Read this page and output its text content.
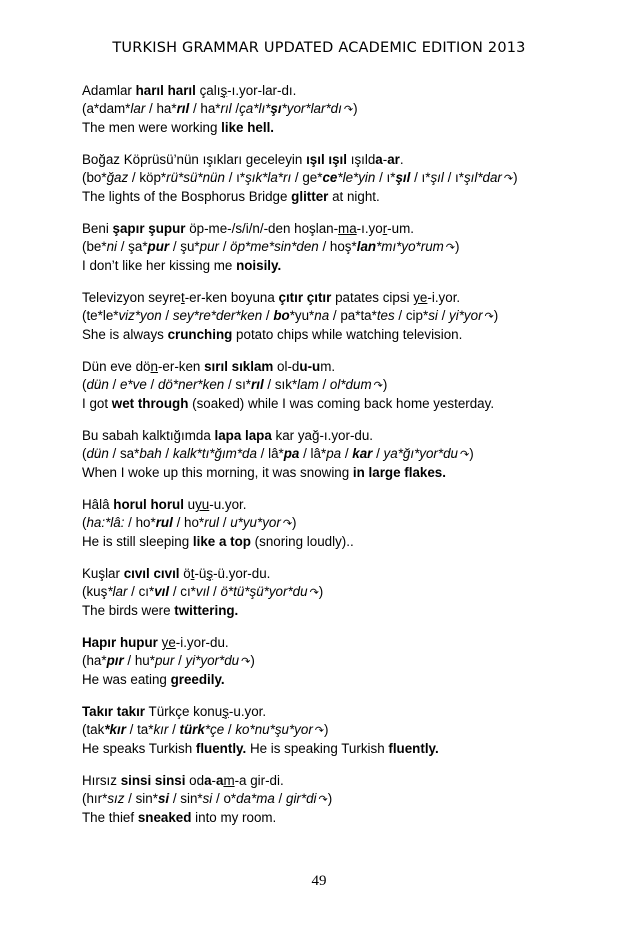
TURKISH GRAMMAR UPDATED ACADEMIC EDITION 2013
Adamlar harıl harıl çalış-ı.yor-lar-dı.
(a*dam*lar / ha*rıl / ha*rıl /ça*lı*şı*yor*lar*dı↷)
The men were working like hell.
Boğaz Köprüsü’nün ışıkları geceleyin ışıl ışıl ışılda-ar.
(bo*ğaz / köp*rü*sü*nün / ı*şık*la*rı / ge*ce*le*yin / ı*şıl / ı*şıl / ı*şıl*dar↷)
The lights of the Bosphorus Bridge glitter at night.
Beni şapır şupur öp-me-/s/i/n/-den hoşlan-ma-ı.yor-um.
(be*ni / şa*pur / şu*pur / öp*me*sin*den / hoş*lan*mı*yo*rum↷)
I don’t like her kissing me noisily.
Televizyon seyret-er-ken boyuna çıtır çıtır patates cipsi ye-i.yor.
(te*le*viz*yon / sey*re*der*ken / bo*yu*na / pa*ta*tes / cip*si / yi*yor↷)
She is always crunching potato chips while watching television.
Dün eve dön-er-ken sırıl sıklam ol-du-um.
(dün / e*ve / dö*ner*ken / sı*rıl / sık*lam / ol*dum↷)
I got wet through (soaked) while I was coming back home yesterday.
Bu sabah kalktığımda lapa lapa kar yağ-ı.yor-du.
(dün / sa*bah / kalk*tı*ğım*da / lâ*pa / lâ*pa / kar / ya*ğı*yor*du↷)
When I woke up this morning, it was snowing in large flakes.
Hâlâ horul horul uyu-u.yor.
(ha:*lâ: / ho*rul / ho*rul / u*yu*yor↷)
He is still sleeping like a top (snoring loudly)..
Kuşlar cıvıl cıvıl öt-üş-ü.yor-du.
(kuş*lar / cı*vıl / cı*vıl / ö*tü*şü*yor*du↷)
The birds were twittering.
Hapır hupur ye-i.yor-du.
(ha*pır / hu*pur / yi*yor*du↷)
He was eating greedily.
Takır takır Türkçe konuş-u.yor.
(tak*kır / ta*kır / türk*çe / ko*nu*şu*yor↷)
He speaks Turkish fluently. He is speaking Turkish fluently.
Hırsız sinsi sinsi oda-am-a gir-di.
(hır*sız / sin*si / sin*si / o*da*ma / gir*di↷)
The thief sneaked into my room.
49
